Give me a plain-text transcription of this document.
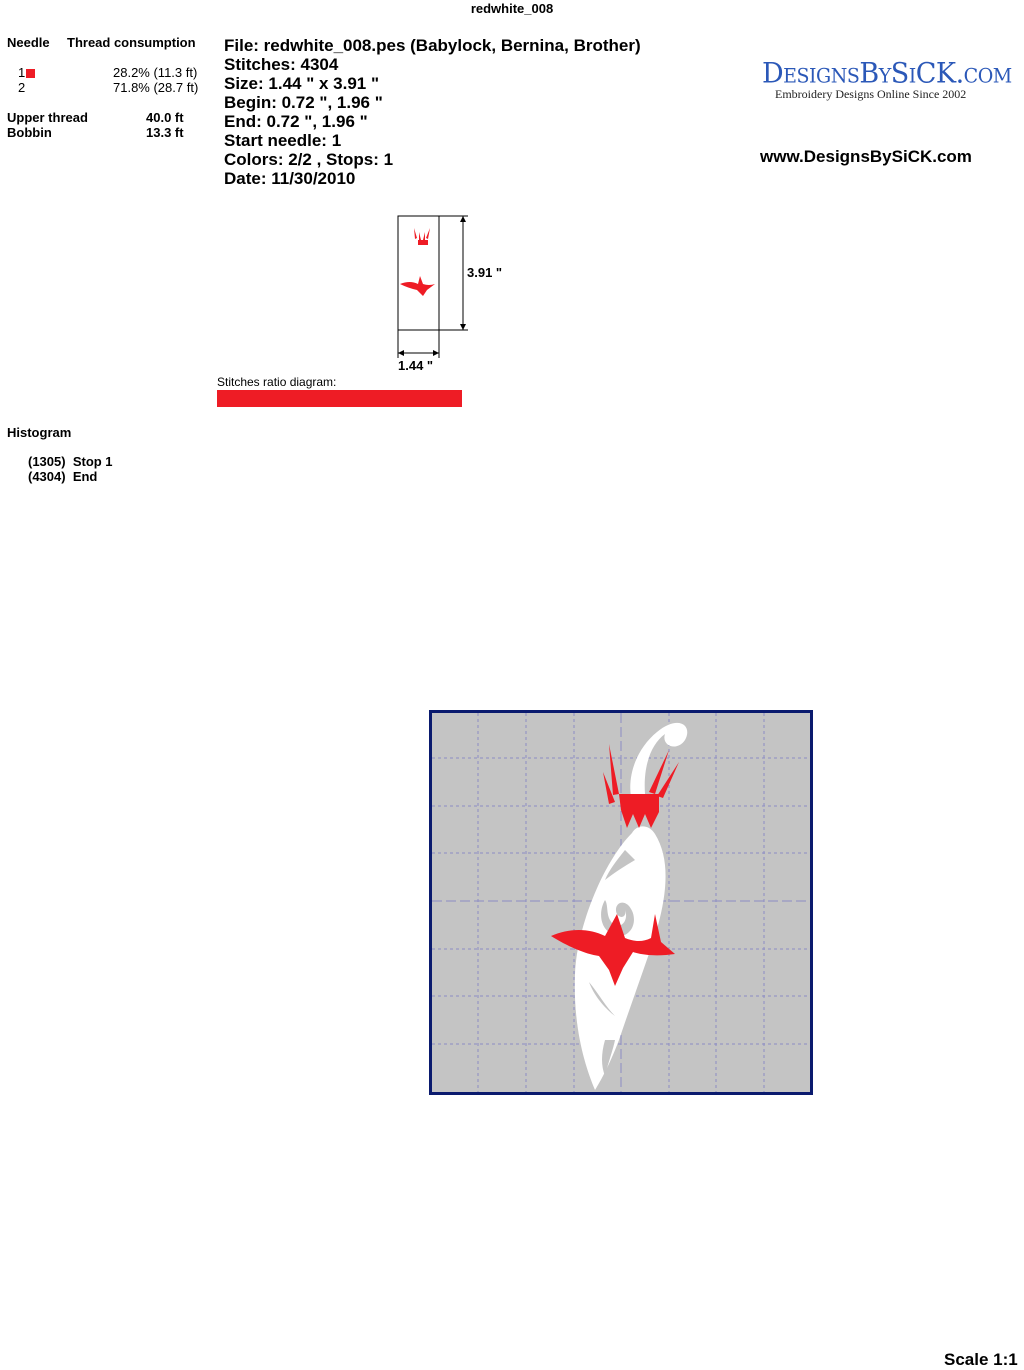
redwhite_008
Needle Thread consumption
1	28.2% (11.3 ft)
2	71.8% (28.7 ft)
Upper thread	40.0 ft
Bobbin	13.3 ft
File: redwhite_008.pes (Babylock, Bernina, Brother)
Stitches: 4304
Size: 1.44 " x 3.91 "
Begin: 0.72 ", 1.96 "
End: 0.72 ", 1.96 "
Start needle: 1
Colors: 2/2 , Stops: 1
Date: 11/30/2010
DesignsBySiCK.com
Embroidery Designs Online Since 2002
www.DesignsBySiCK.com
3.91 "
1.44 "
Stitches ratio diagram:
Histogram
(1305) Stop 1
(4304) End
Scale 1:1
